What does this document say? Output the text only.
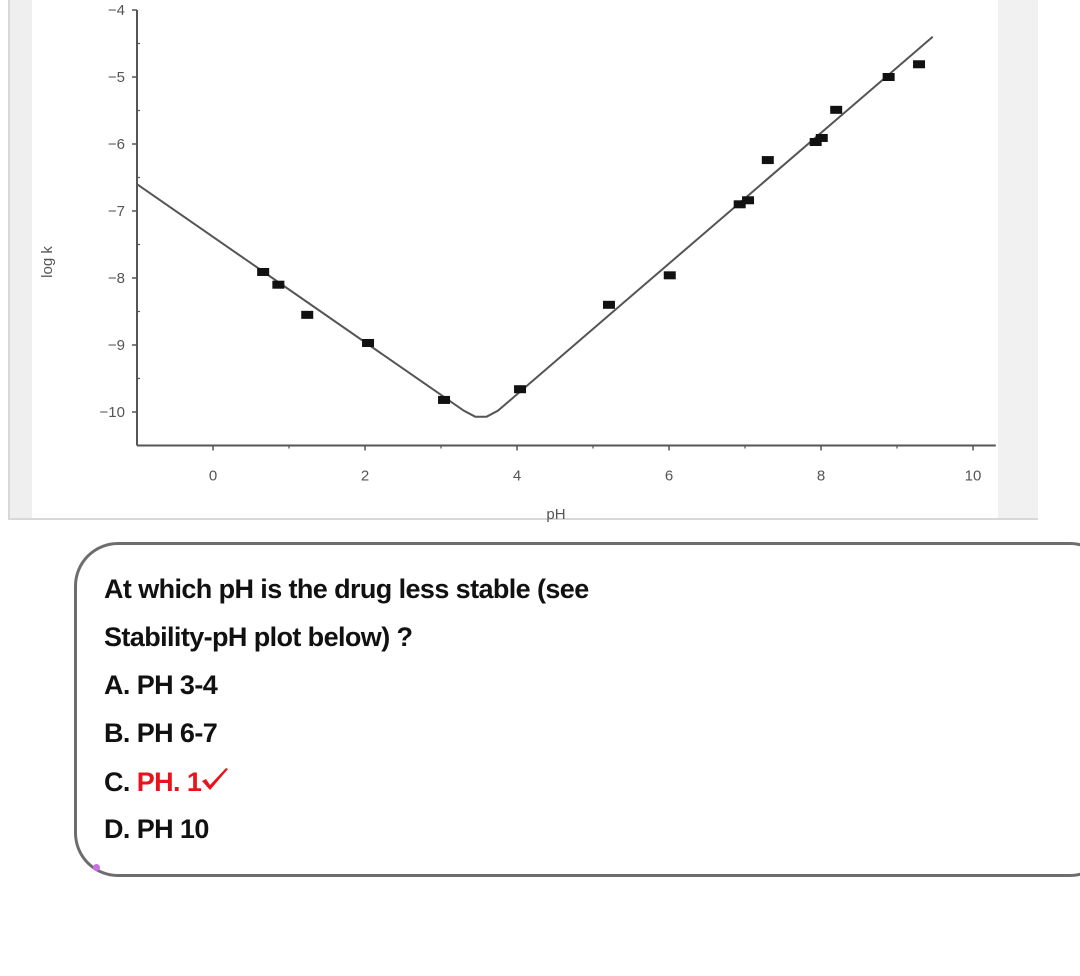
−4
−5
−6
−7
−8
−9
−10
0	2	4	6	8	10
log k
pH
At which pH is the drug less stable (see
Stability-pH plot below) ?
A. PH 3-4
B. PH 6-7
C. PH. 1
D. PH 10
